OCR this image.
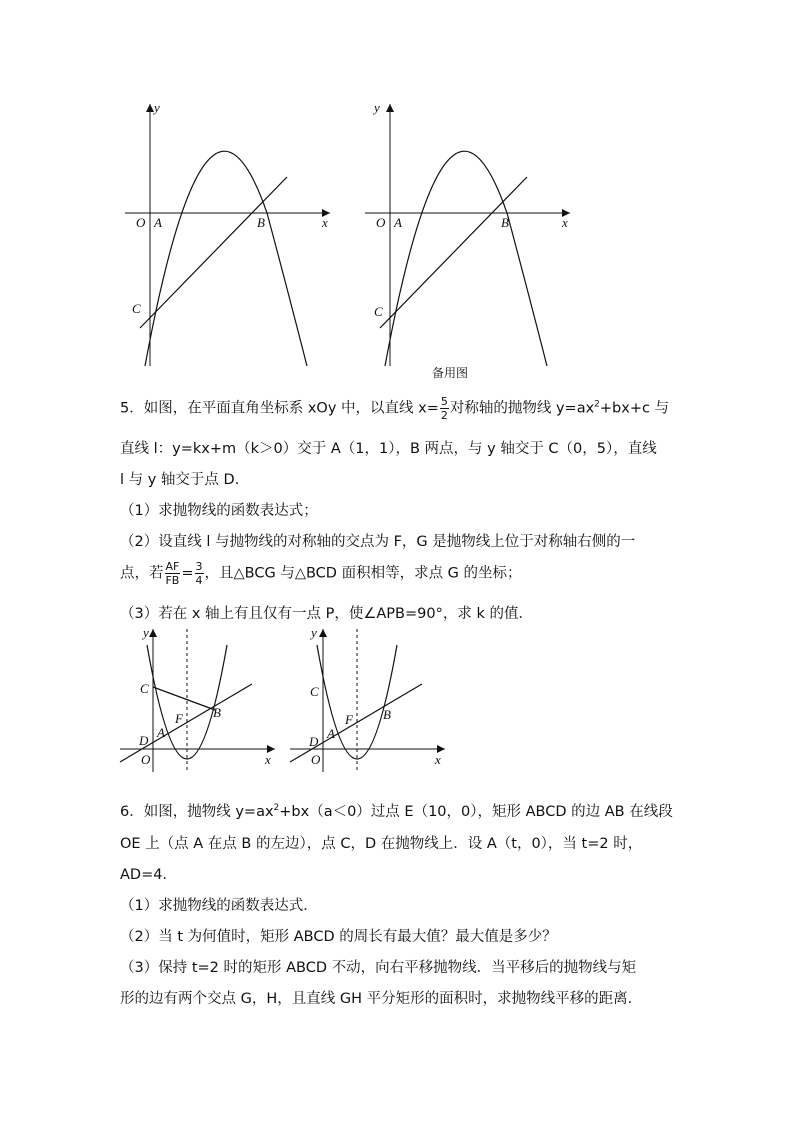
y
x
O A	B
C
y
x
O A	B
C
备用图
5．如图，在平面直角坐标系 xOy 中，以直线 $x= \frac{5}{2}$ 对称轴的抛物线 $y=ax^2+bx+c$ 与
直线 l：y=kx+m（k＞0）交于 A（1，1），B 两点，与 y 轴交于 C（0，5），直线
l 与 y 轴交于点 D．
（1）求抛物线的函数表达式；
（2）设直线 l 与抛物线的对称轴的交点为 F，G 是抛物线上位于对称轴右侧的一
点，若 $\frac{AF}{FB} = \frac{3}{4}$ ，且△BCG 与△BCD 面积相等，求点 G 的坐标；
（3）若在 x 轴上有且仅有一点 P，使∠APB=90°，求 k 的值．
y
x
O
C
B
F
A
D
y
x
O
C
B
F
A
D
6．如图，抛物线 $y=ax^2+bx(a<0)$过点 E（10，0），矩形 ABCD 的边 AB 在线段
OE 上（点 A 在点 B 的左边），点 C，D 在抛物线上．设 A（t，0），当 t=2 时，
AD=4．
（1）求抛物线的函数表达式．
（2）当 t 为何值时，矩形 ABCD 的周长有最大值？最大值是多少？
（3）保持 t=2 时的矩形 ABCD 不动，向右平移抛物线．当平移后的抛物线与矩
形的边有两个交点 G，H，且直线 GH 平分矩形的面积时，求抛物线平移的距离．
